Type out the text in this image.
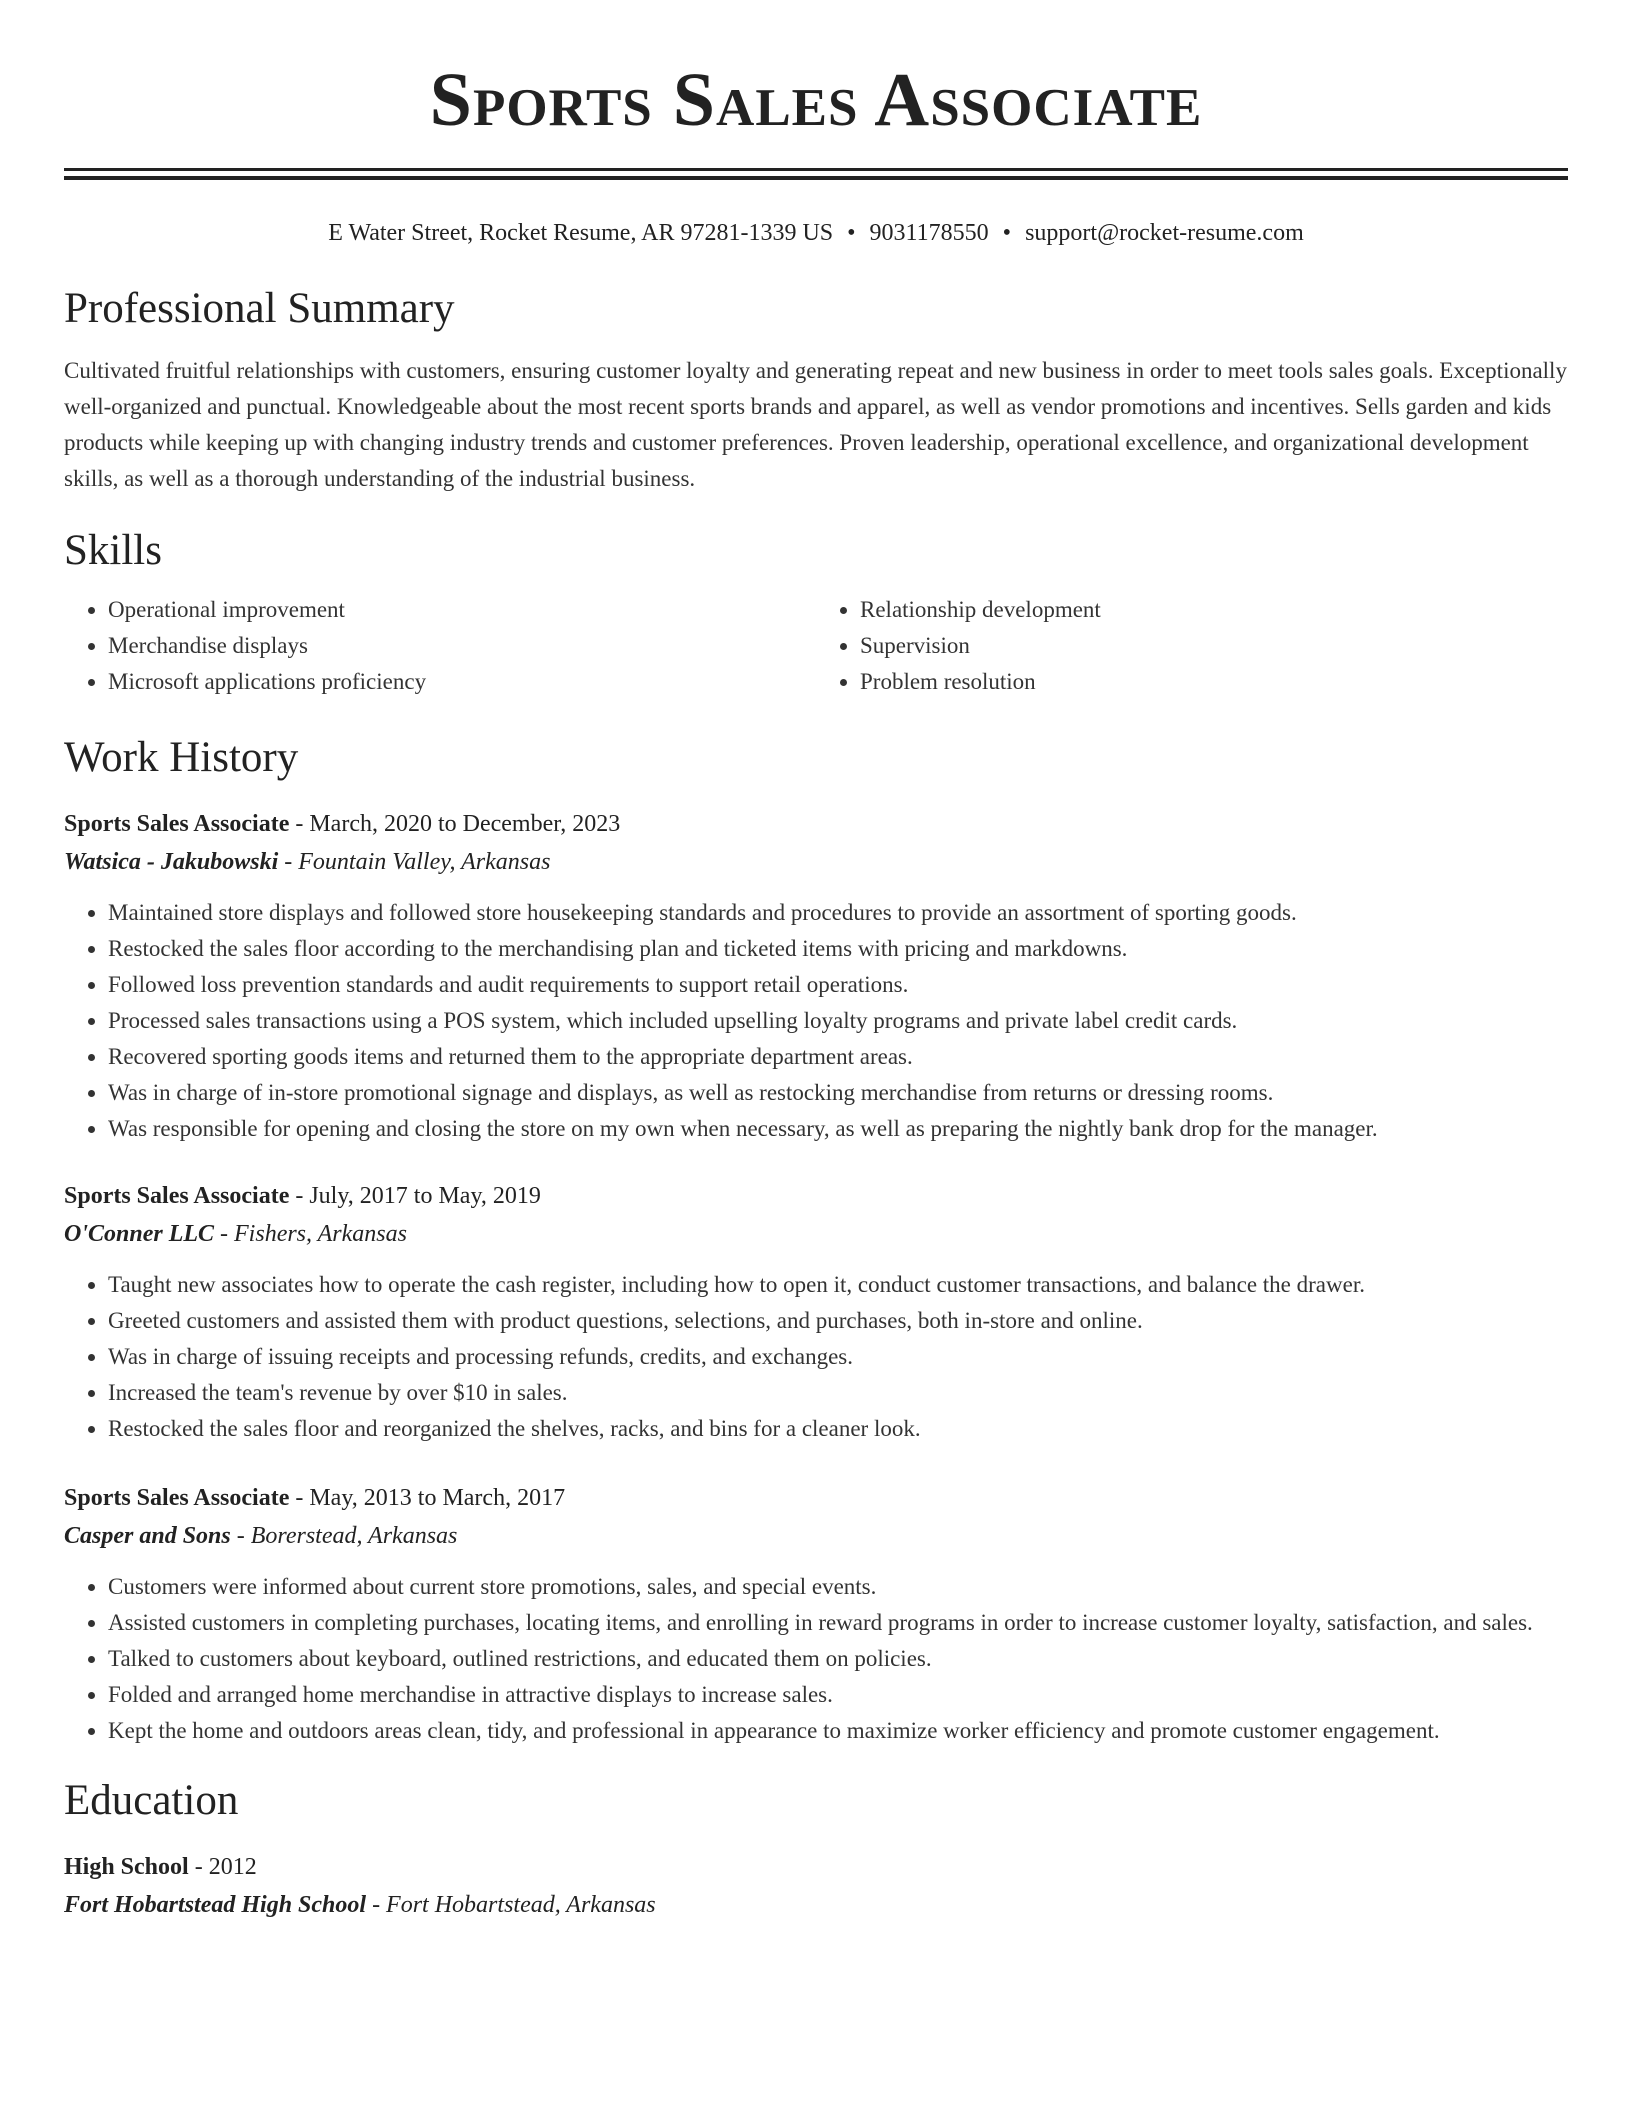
Sports Sales Associate
E Water Street, Rocket Resume, AR 97281-1339 US • 9031178550 • support@rocket-resume.com
Professional Summary
Cultivated fruitful relationships with customers, ensuring customer loyalty and generating repeat and new business in order to meet tools sales goals. Exceptionally well-organized and punctual. Knowledgeable about the most recent sports brands and apparel, as well as vendor promotions and incentives. Sells garden and kids products while keeping up with changing industry trends and customer preferences. Proven leadership, operational excellence, and organizational development skills, as well as a thorough understanding of the industrial business.
Skills
• Operational improvement
• Merchandise displays
• Microsoft applications proficiency
• Relationship development
• Supervision
• Problem resolution
Work History
Sports Sales Associate - March, 2020 to December, 2023
Watsica - Jakubowski - Fountain Valley, Arkansas
• Maintained store displays and followed store housekeeping standards and procedures to provide an assortment of sporting goods.
• Restocked the sales floor according to the merchandising plan and ticketed items with pricing and markdowns.
• Followed loss prevention standards and audit requirements to support retail operations.
• Processed sales transactions using a POS system, which included upselling loyalty programs and private label credit cards.
• Recovered sporting goods items and returned them to the appropriate department areas.
• Was in charge of in-store promotional signage and displays, as well as restocking merchandise from returns or dressing rooms.
• Was responsible for opening and closing the store on my own when necessary, as well as preparing the nightly bank drop for the manager.
Sports Sales Associate - July, 2017 to May, 2019
O'Conner LLC - Fishers, Arkansas
• Taught new associates how to operate the cash register, including how to open it, conduct customer transactions, and balance the drawer.
• Greeted customers and assisted them with product questions, selections, and purchases, both in-store and online.
• Was in charge of issuing receipts and processing refunds, credits, and exchanges.
• Increased the team's revenue by over $10 in sales.
• Restocked the sales floor and reorganized the shelves, racks, and bins for a cleaner look.
Sports Sales Associate - May, 2013 to March, 2017
Casper and Sons - Borerstead, Arkansas
• Customers were informed about current store promotions, sales, and special events.
• Assisted customers in completing purchases, locating items, and enrolling in reward programs in order to increase customer loyalty, satisfaction, and sales.
• Talked to customers about keyboard, outlined restrictions, and educated them on policies.
• Folded and arranged home merchandise in attractive displays to increase sales.
• Kept the home and outdoors areas clean, tidy, and professional in appearance to maximize worker efficiency and promote customer engagement.
Education
High School - 2012
Fort Hobartstead High School - Fort Hobartstead, Arkansas
